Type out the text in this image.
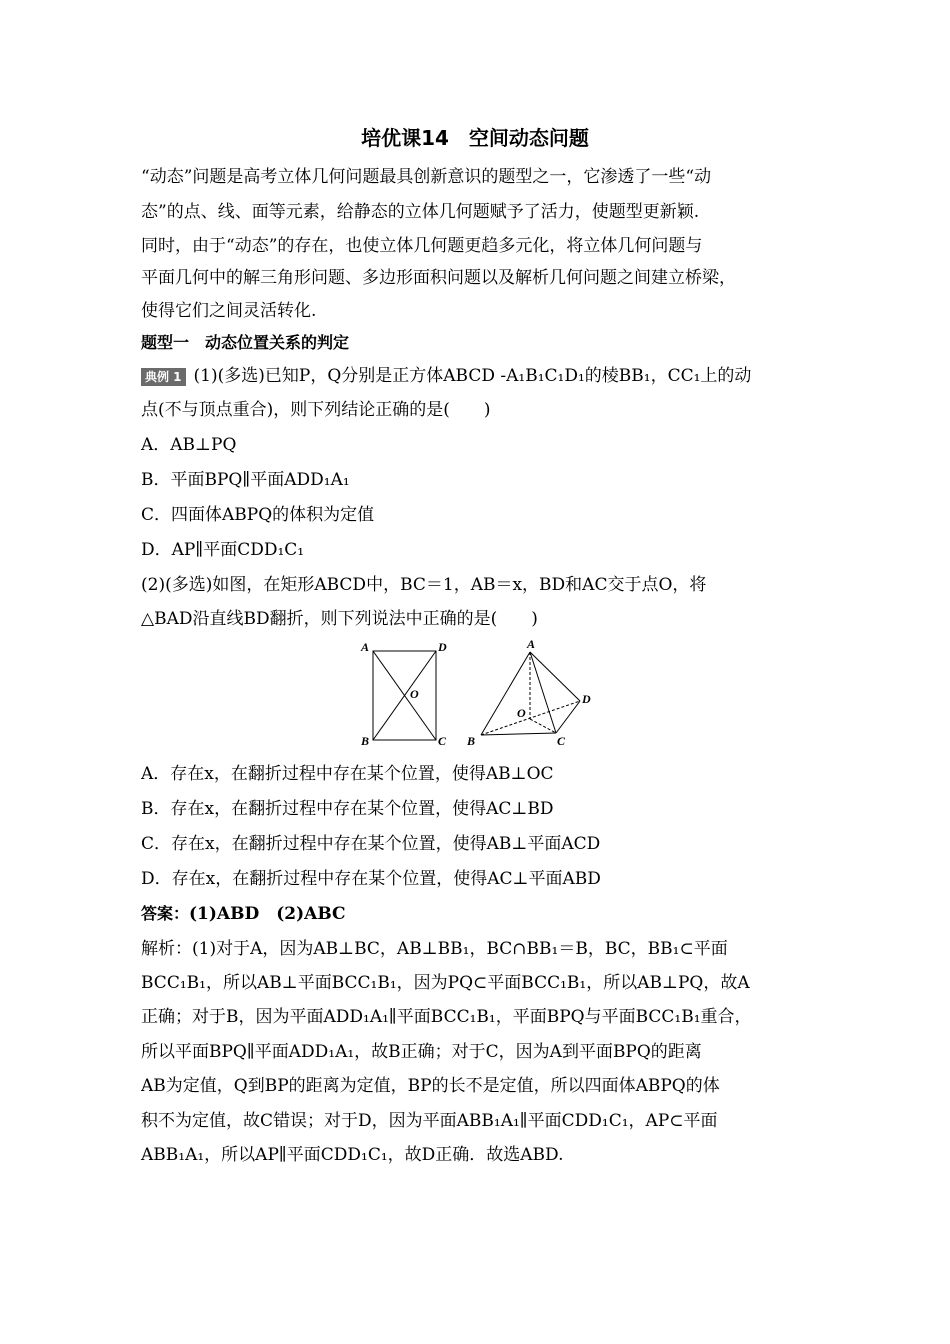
培优课14　空间动态问题
“动态”问题是高考立体几何问题最具创新意识的题型之一，它渗透了一些“动
态”的点、线、面等元素，给静态的立体几何题赋予了活力，使题型更新颖.
同时，由于“动态”的存在，也使立体几何题更趋多元化，将立体几何问题与
平面几何中的解三角形问题、多边形面积问题以及解析几何问题之间建立桥梁，
使得它们之间灵活转化.
题型一　动态位置关系的判定
典例 1 (1)(多选)已知P，Q分别是正方体ABCD -A₁B₁C₁D₁的棱BB₁，CC₁上的动
点(不与顶点重合)，则下列结论正确的是(　　)
A．AB⊥PQ
B．平面BPQ∥平面ADD₁A₁
C．四面体ABPQ的体积为定值
D．AP∥平面CDD₁C₁
(2)(多选)如图，在矩形ABCD中，BC＝1，AB＝x，BD和AC交于点O，将
△BAD沿直线BD翻折，则下列说法中正确的是(　　)
A	D
O
B	C
A
D
O
B	C
A．存在x，在翻折过程中存在某个位置，使得AB⊥OC
B．存在x，在翻折过程中存在某个位置，使得AC⊥BD
C．存在x，在翻折过程中存在某个位置，使得AB⊥平面ACD
D．存在x，在翻折过程中存在某个位置，使得AC⊥平面ABD
答案：(1)ABD　(2)ABC
解析：(1)对于A，因为AB⊥BC，AB⊥BB₁，BC∩BB₁＝B，BC，BB₁⊂平面
BCC₁B₁，所以AB⊥平面BCC₁B₁，因为PQ⊂平面BCC₁B₁，所以AB⊥PQ，故A
正确；对于B，因为平面ADD₁A₁∥平面BCC₁B₁，平面BPQ与平面BCC₁B₁重合，
所以平面BPQ∥平面ADD₁A₁，故B正确；对于C，因为A到平面BPQ的距离
AB为定值，Q到BP的距离为定值，BP的长不是定值，所以四面体ABPQ的体
积不为定值，故C错误；对于D，因为平面ABB₁A₁∥平面CDD₁C₁，AP⊂平面
ABB₁A₁，所以AP∥平面CDD₁C₁，故D正确．故选ABD.
